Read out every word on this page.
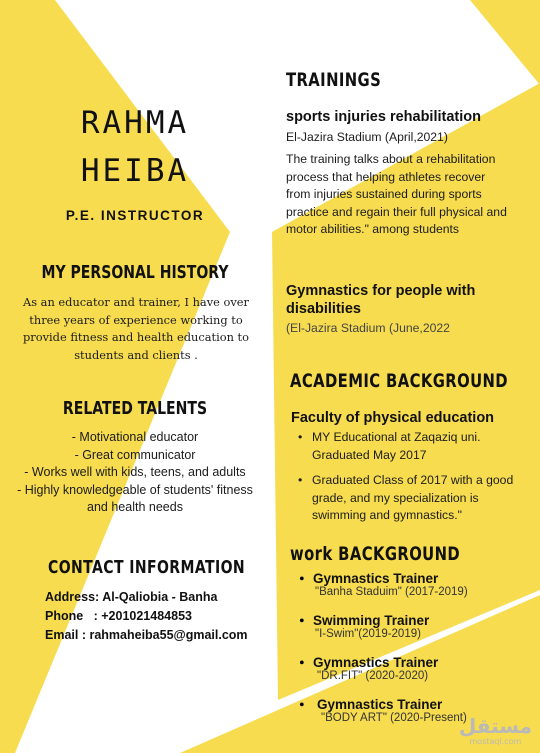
RAHMA
HEIBA
P.E. INSTRUCTOR
MY PERSONAL HISTORY
As an educator and trainer, I have over three years of experience working to provide fitness and health education to students and clients .
RELATED TALENTS
- Motivational educator
- Great communicator
- Works well with kids, teens, and adults
- Highly knowledgeable of students' fitness and health needs
CONTACT INFORMATION
Address: Al-Qaliobia - Banha
Phone   : +201021484853
Email : rahmaheiba55@gmail.com
TRAININGS
sports injuries rehabilitation
El-Jazira Stadium (April,2021)
The training talks about a rehabilitation process that helping athletes recover from injuries sustained during sports practice and regain their full physical and motor abilities." among students
Gymnastics for people with disabilities
(El-Jazira Stadium (June,2022
ACADEMIC BACKGROUND
Faculty of physical education
• MY Educational at Zaqaziq uni. Graduated May 2017
• Graduated Class of 2017 with a good grade, and my specialization is swimming and gymnastics."
work BACKGROUND
• Gymnastics Trainer
"Banha Staduim" (2017-2019)
• Swimming Trainer
"I-Swim"(2019-2019)
• Gymnastics Trainer
"DR.FIT" (2020-2020)
• Gymnastics Trainer
"BODY ART" (2020-Present)
مستقل
mostaql.com
